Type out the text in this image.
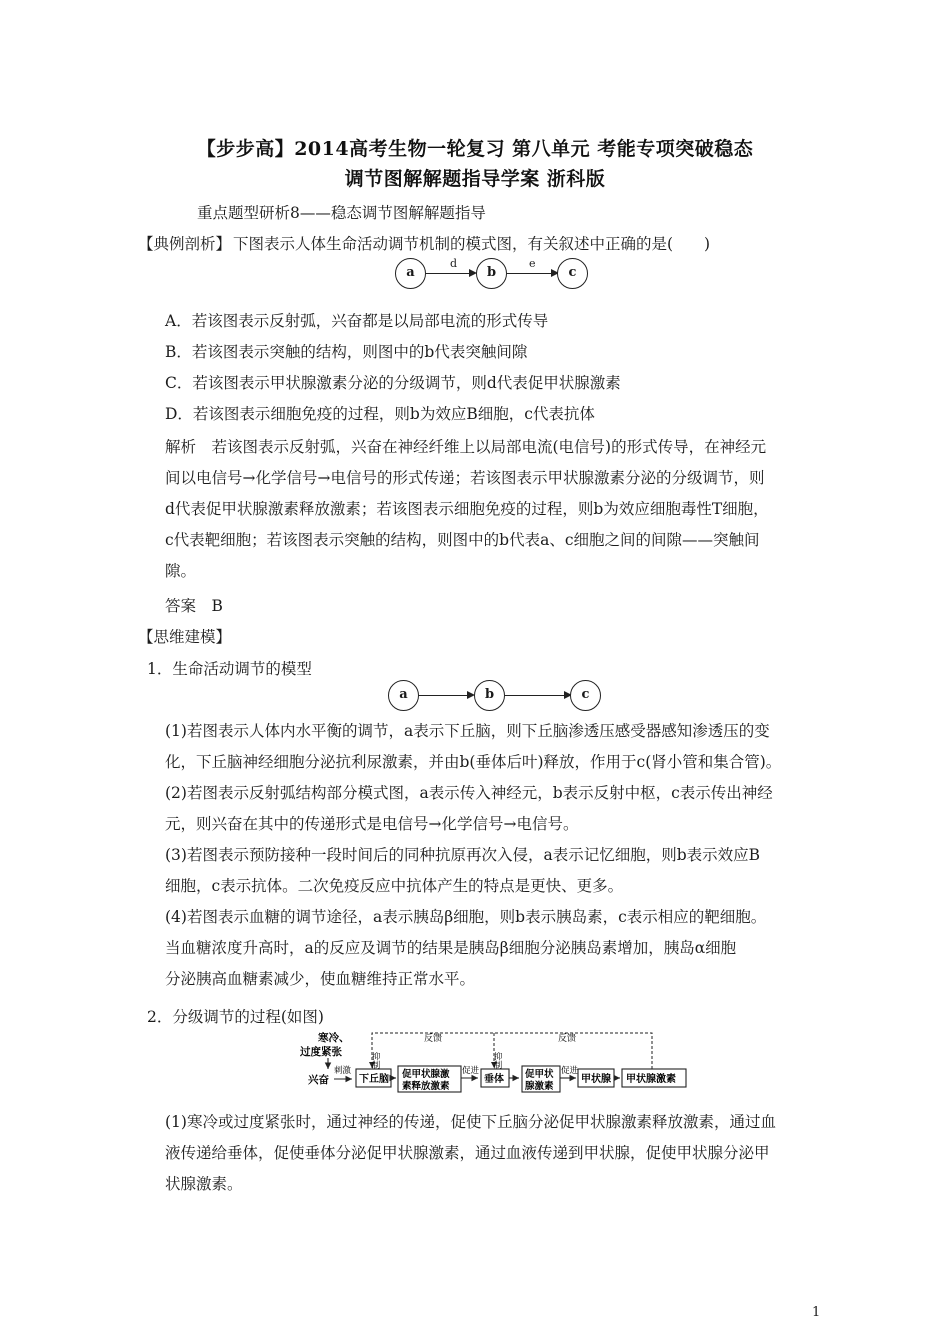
【步步高】2014高考生物一轮复习 第八单元 考能专项突破稳态
调节图解解题指导学案 浙科版
重点题型研析8——稳态调节图解解题指导
【典例剖析】 下图表示人体生命活动调节机制的模式图，有关叙述中正确的是(　　)
a
d
b
e
c
A．若该图表示反射弧，兴奋都是以局部电流的形式传导
B．若该图表示突触的结构，则图中的b代表突触间隙
C．若该图表示甲状腺激素分泌的分级调节，则d代表促甲状腺激素
D．若该图表示细胞免疫的过程，则b为效应B细胞，c代表抗体
解析　若该图表示反射弧，兴奋在神经纤维上以局部电流(电信号)的形式传导，在神经元
间以电信号→化学信号→电信号的形式传递；若该图表示甲状腺激素分泌的分级调节，则
d代表促甲状腺激素释放激素；若该图表示细胞免疫的过程，则b为效应细胞毒性T细胞，
c代表靶细胞；若该图表示突触的结构，则图中的b代表a、c细胞之间的间隙——突触间
隙。
答案　B
【思维建模】
1．生命活动调节的模型
a	b	c
(1)若图表示人体内水平衡的调节，a表示下丘脑，则下丘脑渗透压感受器感知渗透压的变
化，下丘脑神经细胞分泌抗利尿激素，并由b(垂体后叶)释放，作用于c(肾小管和集合管)。
(2)若图表示反射弧结构部分模式图，a表示传入神经元，b表示反射中枢，c表示传出神经
元，则兴奋在其中的传递形式是电信号→化学信号→电信号。
(3)若图表示预防接种一段时间后的同种抗原再次入侵，a表示记忆细胞，则b表示效应B
细胞，c表示抗体。二次免疫反应中抗体产生的特点是更快、更多。
(4)若图表示血糖的调节途径，a表示胰岛β细胞，则b表示胰岛素，c表示相应的靶细胞。
当血糖浓度升高时，a的反应及调节的结果是胰岛β细胞分泌胰岛素增加，胰岛α细胞
分泌胰高血糖素减少，使血糖维持正常水平。
2．分级调节的过程(如图)
寒冷、
过度紧张
兴奋
刺激
下丘脑 促甲状腺激
素释放激素
促进
垂体 促甲状
腺激素
促进
甲状腺 甲状腺激素
反馈	反馈
抑制	抑制
(1)寒冷或过度紧张时，通过神经的传递，促使下丘脑分泌促甲状腺激素释放激素，通过血
液传递给垂体，促使垂体分泌促甲状腺激素，通过血液传递到甲状腺，促使甲状腺分泌甲
状腺激素。
1
